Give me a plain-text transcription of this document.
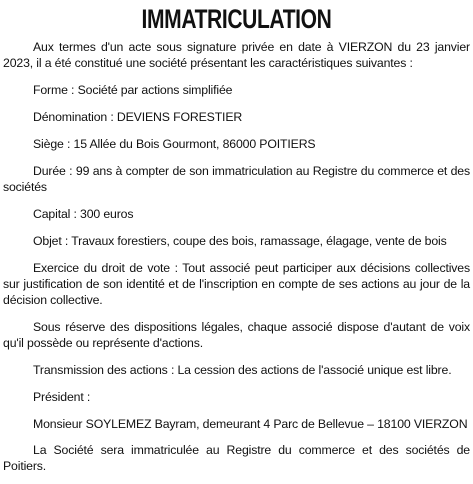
IMMATRICULATION

Aux termes d'un acte sous signature privée en date à VIERZON du 23 janvier 2023, il a été constitué une société présentant les caractéristiques suivantes :

Forme : Société par actions simplifiée

Dénomination : DEVIENS FORESTIER

Siège : 15 Allée du Bois Gourmont, 86000 POITIERS

Durée : 99 ans à compter de son immatriculation au Registre du commerce et des sociétés

Capital : 300 euros

Objet : Travaux forestiers, coupe des bois, ramassage, élagage, vente de bois

Exercice du droit de vote : Tout associé peut participer aux décisions collectives sur justification de son identité et de l'inscription en compte de ses actions au jour de la décision collective.

Sous réserve des dispositions légales, chaque associé dispose d'autant de voix qu'il possède ou représente d'actions.

Transmission des actions : La cession des actions de l'associé unique est libre.

Président :

Monsieur SOYLEMEZ Bayram, demeurant 4 Parc de Bellevue – 18100 VIERZON

La Société sera immatriculée au Registre du commerce et des sociétés de Poitiers.
